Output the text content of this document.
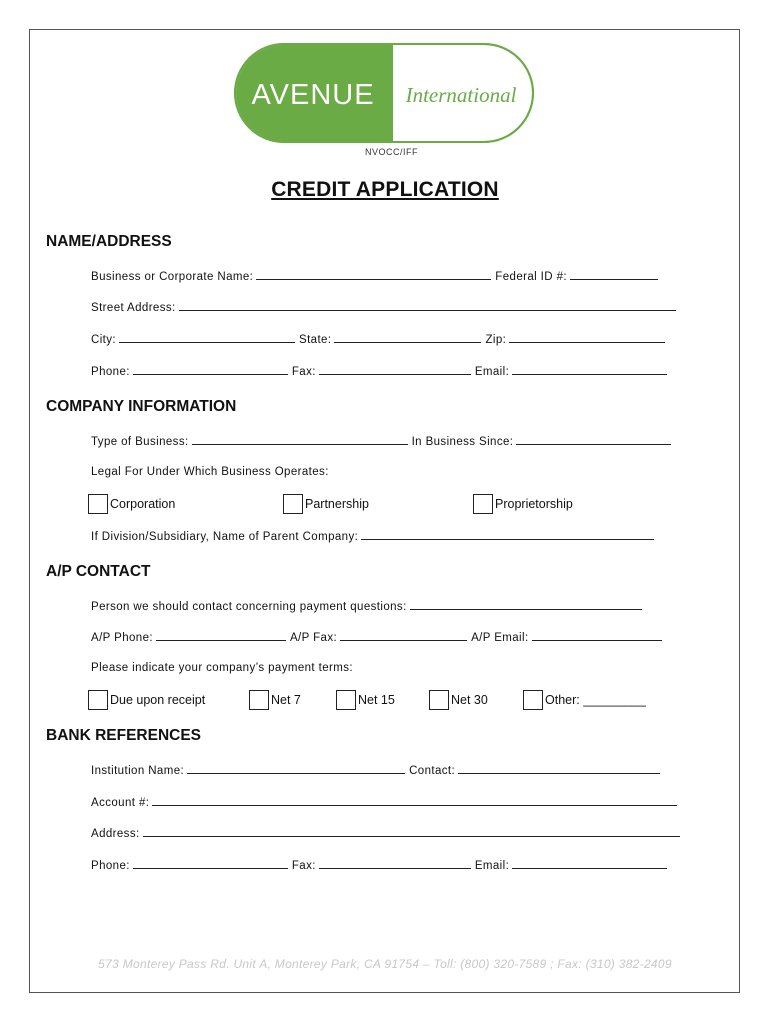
AVENUE International
NVOCC/IFF
CREDIT APPLICATION
NAME/ADDRESS
Business or Corporate Name:	Federal ID #:
Street Address:
City:	State:	Zip:
Phone:	Fax:	Email:
COMPANY INFORMATION
Type of Business:	In Business Since:
Legal For Under Which Business Operates:
Corporation	Partnership	Proprietorship
If Division/Subsidiary, Name of Parent Company:
A/P CONTACT
Person we should contact concerning payment questions:
A/P Phone:	A/P Fax:	A/P Email:
Please indicate your company’s payment terms:
Due upon receipt	Net 7	Net 15	Net 30	Other: _________
BANK REFERENCES
Institution Name:	Contact:
Account #:
Address:
Phone:	Fax:	Email:
573 Monterey Pass Rd. Unit A, Monterey Park, CA 91754 – Toll: (800) 320-7589 ; Fax: (310) 382-2409
